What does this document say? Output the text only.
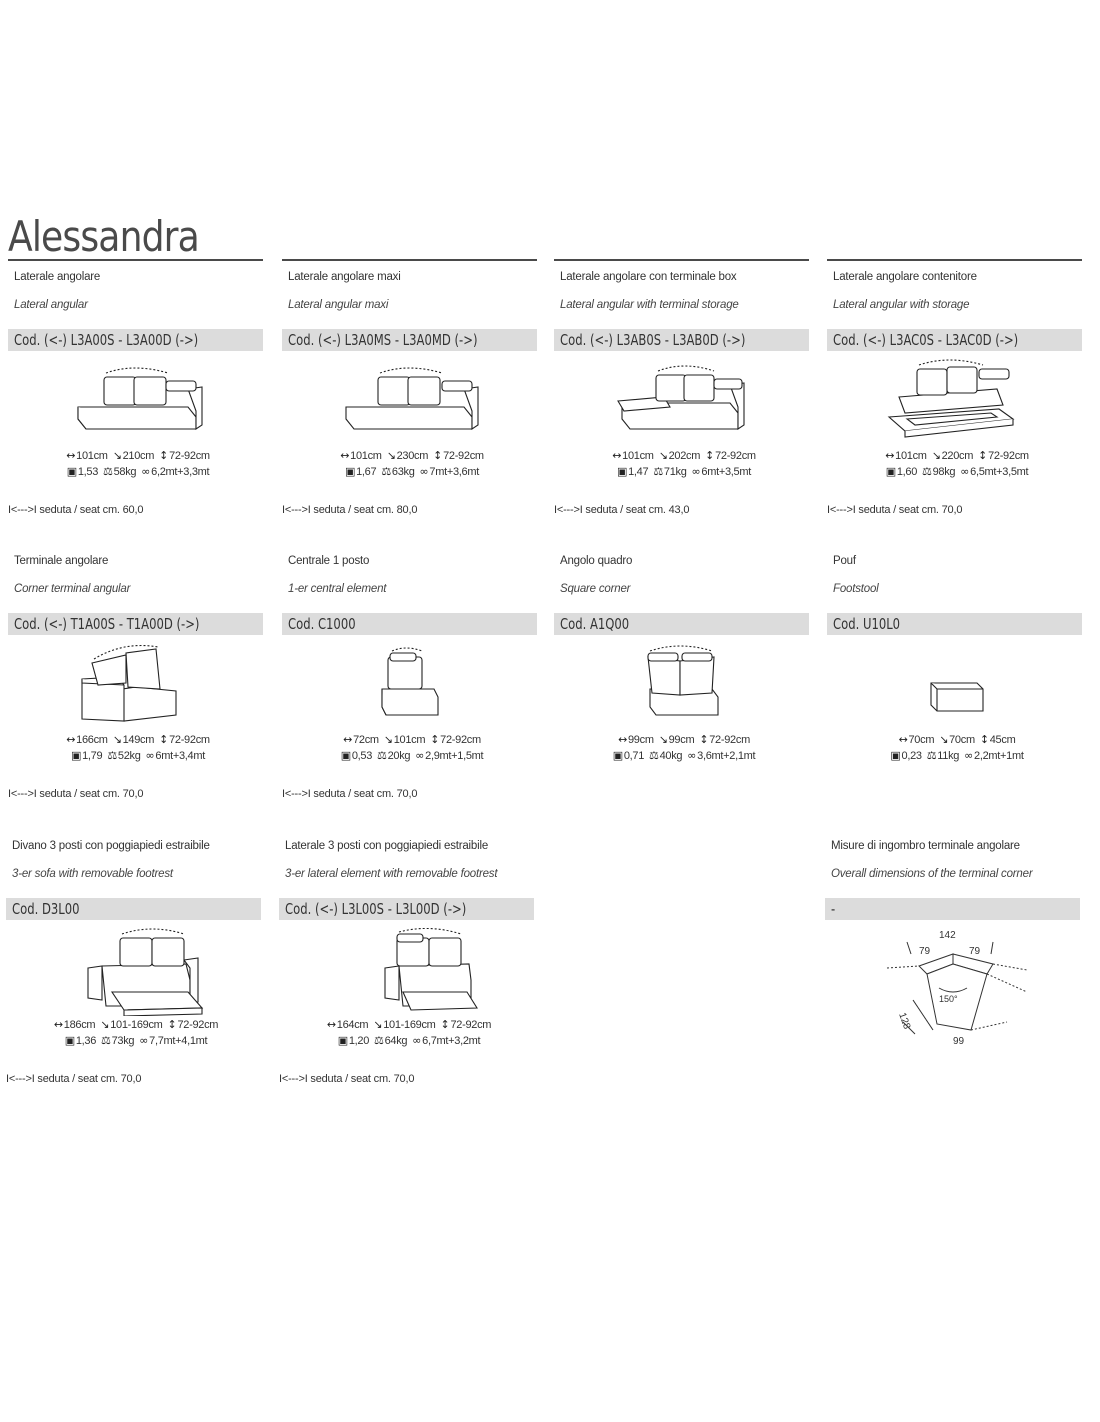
Alessandra
Laterale angolare
Lateral angular
Cod. (<-) L3A00S - L3A00D (->)
↔101cm ↘210cm ↕72-92cm
▣1,53 ⚖58kg ∞6,2mt+3,3mt
I<--->I seduta / seat cm. 60,0
Laterale angolare maxi
Lateral angular maxi
Cod. (<-) L3A0MS - L3A0MD (->)
↔101cm ↘230cm ↕72-92cm
▣1,67 ⚖63kg ∞7mt+3,6mt
I<--->I seduta / seat cm. 80,0
Laterale angolare con terminale box
Lateral angular with terminal storage
Cod. (<-) L3AB0S - L3AB0D (->)
↔101cm ↘202cm ↕72-92cm
▣1,47 ⚖71kg ∞6mt+3,5mt
I<--->I seduta / seat cm. 43,0
Laterale angolare contenitore
Lateral angular with storage
Cod. (<-) L3AC0S - L3AC0D (->)
↔101cm ↘220cm ↕72-92cm
▣1,60 ⚖98kg ∞6,5mt+3,5mt
I<--->I seduta / seat cm. 70,0
Terminale angolare
Corner terminal angular
Cod. (<-) T1A00S - T1A00D (->)
↔166cm ↘149cm ↕72-92cm
▣1,79 ⚖52kg ∞6mt+3,4mt
I<--->I seduta / seat cm. 70,0
Centrale 1 posto
1-er central element
Cod. C1000
↔72cm ↘101cm ↕72-92cm
▣0,53 ⚖20kg ∞2,9mt+1,5mt
I<--->I seduta / seat cm. 70,0
Angolo quadro
Square corner
Cod. A1Q00
↔99cm ↘99cm ↕72-92cm
▣0,71 ⚖40kg ∞3,6mt+2,1mt
Pouf
Footstool
Cod. U10L0
↔70cm ↘70cm ↕45cm
▣0,23 ⚖11kg ∞2,2mt+1mt
Divano 3 posti con poggiapiedi estraibile
3-er sofa with removable footrest
Cod. D3L00
↔186cm ↘101-169cm ↕72-92cm
▣1,36 ⚖73kg ∞7,7mt+4,1mt
I<--->I seduta / seat cm. 70,0
Laterale 3 posti con poggiapiedi estraibile
3-er lateral element with removable footrest
Cod. (<-) L3L00S - L3L00D (->)
↔164cm ↘101-169cm ↕72-92cm
▣1,20 ⚖64kg ∞6,7mt+3,2mt
I<--->I seduta / seat cm. 70,0
Misure di ingombro terminale angolare
Overall dimensions of the terminal corner
-
142
79	79
150°
128
99
